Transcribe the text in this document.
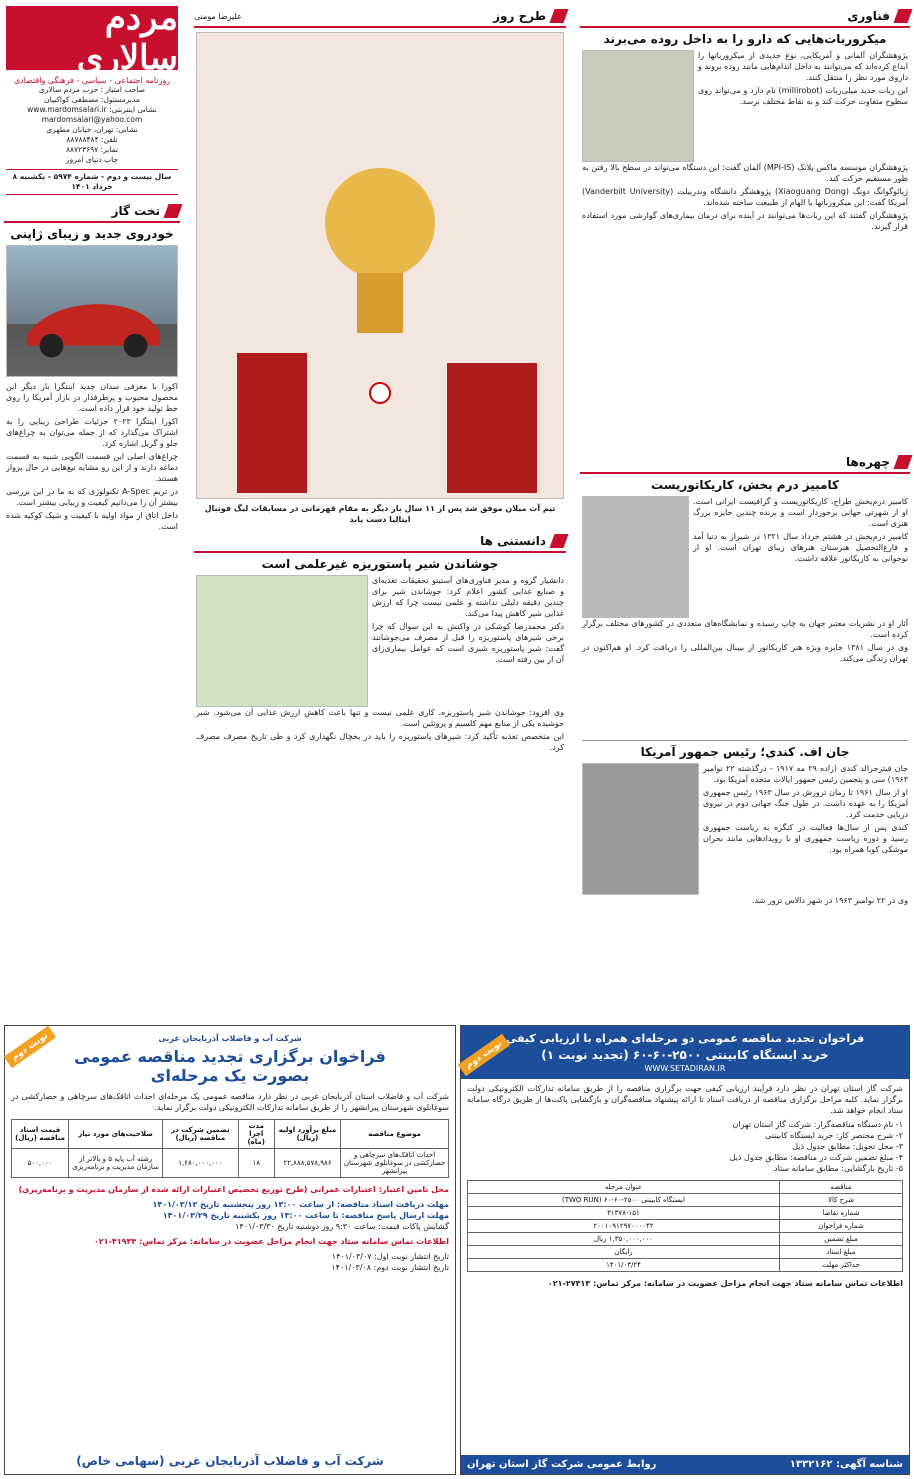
فناوری
میکروربات‌هایی که دارو را به داخل روده می‌برند

پژوهشگران آلمانی و آمریکایی، نوع جدیدی از میکرورباتها را ابداع کرده‌اند که می‌توانند به داخل اندام‌هایی مانند روده بروند و داروی مورد نظر را منتقل کنند.

این ربات جدید میلی‌ربات (millirobot) نام دارد و می‌تواند روی سطوح متفاوت حرکت کند و به نقاط مختلف برسد.

پژوهشگران موسسه ماکس پلانک (MPI-IS) آلمان گفت: این دستگاه می‌تواند در سطح بالا رفتن به طور مستقیم حرکت کند.

ژیائوگوانگ دونگ (Xiaoguang Dong) پژوهشگر دانشگاه وندربیلت (Vanderbilt University) آمریکا گفت: این میکرورباتها با الهام از طبیعت ساخته شده‌اند.

پژوهشگران گفتند که این ربات‌ها می‌توانند در آینده برای درمان بیماری‌های گوارشی مورد استفاده قرار گیرند.

چهره‌ها
کامبیز درم بخش، کاریکاتوریست

کامبیز درم‌بخش طراح، کاریکاتوریست و گرافیست ایرانی است. او از شهرتی جهانی برخوردار است و برنده چندین جایزه بزرگ هنری است.

کامبیز درم‌بخش در هشتم خرداد سال ۱۳۲۱ در شیراز به دنیا آمد و فارغ‌التحصیل هنرستان هنرهای زیبای تهران است. او از نوجوانی به کاریکاتور علاقه داشت.

آثار او در نشریات معتبر جهان به چاپ رسیده و نمایشگاه‌های متعددی در کشورهای مختلف برگزار کرده است.

وی در سال ۱۳۸۱ جایزه ویژه هنر کاریکاتور از بیینال بین‌المللی را دریافت کرد. او هم‌اکنون در تهران زندگی می‌کند.

جان اف. کندی؛ رئیس جمهور آمریکا

جان فیتزجرالد کندی (زاده ۲۹ مه ۱۹۱۷ - درگذشته ۲۲ نوامبر ۱۹۶۳) سی و پنجمین رئیس جمهور ایالات متحده آمریکا بود.

او از سال ۱۹۶۱ تا زمان ترورش در سال ۱۹۶۳ رئیس جمهوری آمریکا را به عهده داشت. در طول جنگ جهانی دوم در نیروی دریایی خدمت کرد.

کندی پس از سال‌ها فعالیت در کنگره به ریاست جمهوری رسید و دوره ریاست جمهوری او با رویدادهایی مانند بحران موشکی کوبا همراه بود.

وی در ۲۲ نوامبر ۱۹۶۳ در شهر دالاس ترور شد.

طرح روز
علیرضا مومنی
تیم آث میلان موفق شد پس از ۱۱ سال بار دیگر به مقام قهرمانی در مسابقات لیگ فوتبال ایتالیا دست یابد
دانستنی ها
جوشاندن شیر پاستوریزه غیرعلمی است

دانشیار گروه و مدیر فناوری‌های آستیتو تحقیقات تغذیه‌ای و صنایع غذایی کشور اعلام کرد: جوشاندن شیر برای چندین دقیقه دلیلی نداشته و علمی نیست چرا که ارزش غذایی شیر کاهش پیدا می‌کند.

دکتر محمدرضا کوشکی در واکنش به این سوال که چرا برخی شیرهای پاستوریزه را قبل از مصرف می‌جوشانند گفت: شیر پاستوریزه شیری است که عوامل بیماری‌زای آن از بین رفته است.

وی افزود: جوشاندن شیر پاستوریزه، کاری علمی نیست و تنها باعث کاهش ارزش غذایی آن می‌شود. شیر جوشیده یکی از منابع مهم کلسیم و پروتئین است.

این متخصص تغذیه تأکید کرد: شیرهای پاستوریزه را باید در یخچال نگهداری کرد و طی تاریخ مصرف مصرف کرد.

مردم سالاری
روزنامه اجتماعی - سیاسی - فرهنگی واقتصادی
صاحب امتیاز : حزب مردم سالاری
مدیرمسئول: مصطفی کواکبیان
نشانی اینترنتی: www.mardomsalari.ir
mardomsalari@yahoo.com
نشانی: تهران، خیابان مطهری
تلفن: ۸۸۷۸۸۴۸۴
نمابر: ۸۸۷۲۳۶۹۷
چاپ دنیای امروز
سال بیست و دوم - شماره ۵۹۷۴ - یکشنبه ۸ خرداد ۱۴۰۱
تخت گاز
خودروی جدید و زیبای ژاپنی

اکورا با معرفی سدان جدید اینتگرا بار دیگر این محصول محبوب و پرطرفدار در بازار آمریکا را روی خط تولید خود قرار داده است.

اکورا اینتگرا ۲۰۲۳ جزئیات طراحی زیبایی را به اشتراک می‌گذارد که از جمله می‌توان به چراغ‌های جلو و گریل اشاره کرد.

چراغ‌های اصلی این قسمت الگویی شبیه به قسمت دماغه دارند و از این رو مشابه تیغ‌هایی در حال پرواز هستند.

در تریم A-Spec تکنولوژی که به ما در این بررسی بیشتر آن را می‌دانیم کیفیت و زیبایی بیشتر است.

داخل اتاق از مواد اولیه با کیفیت و شیک کوکیه شده است.

فراخوان تجدید مناقصه عمومی دو مرحله‌ای همراه با ارزیابی کیفی
خرید ایستگاه کابینتی ۲۵۰۰-۶۰-۶۰ (تجدید نوبت ۱)
WWW.SETADIRAN.IR
شرکت گاز استان تهران در نظر دارد فرآیند ارزیابی کیفی جهت برگزاری مناقصه را از طریق سامانه تدارکات الکترونیکی دولت برگزار نماید. کلیه مراحل برگزاری مناقصه از دریافت اسناد تا ارائه پیشنهاد مناقصه‌گران و بازگشایی پاکت‌ها از طریق درگاه سامانه ستاد انجام خواهد شد.
۱- نام دستگاه مناقصه‌گزار: شرکت گاز استان تهران
۲- شرح مختصر کار: خرید ایستگاه کابینتی
۳- محل تحویل: مطابق جدول ذیل
۴- مبلغ تضمین شرکت در مناقصه: مطابق جدول ذیل
۵- تاریخ بازگشایی: مطابق سامانه ستاد
مناقصه	عنوان مرحله
شرح کالا	ایستگاه کابینتی ۲۵۰۰-۶۰-۶۰ (TWO RUN)
شماره تقاضا	۳۱۳۷۸-۱۵۱
شماره فراخوان	۲۰۰۱۰۹۱۲۹۷۰۰۰۰۴۲
مبلغ تضمین	۱,۳۵۰,۰۰۰,۰۰۰ ریال
مبلغ اسناد	رایگان
حداکثر مهلت	۱۴۰۱/۰۳/۲۴
اطلاعات تماس سامانه ستاد جهت انجام مراحل عضویت در سامانه: مرکز تماس: ۲۷۳۱۳-۰۲۱
شناسه آگهی: ۱۳۳۲۱۶۲
روابط عمومی شرکت گاز استان تهران
نوبت دوم
شرکت آب و فاضلاب آذربایجان غربی
فراخوان برگزاری تجدید مناقصه عمومی
بصورت یک مرحله‌ای
شرکت آب و فاضلاب استان آذربایجان غربی در نظر دارد مناقصه عمومی یک مرحله‌ای احداث اتاقک‌های سرچاهی و حصارکشی در سوغانلوی شهرستان پیرانشهر را از طریق سامانه تدارکات الکترونیکی دولت برگزار نماید.
موضوع مناقصه	مبلغ برآورد اولیه (ریال)	مدت اجرا (ماه)	تضمین شرکت در مناقصه (ریال)	صلاحیت‌های مورد نیاز	قیمت اسناد مناقصه (ریال)
احداث اتاقک‌های سرچاهی و حصارکشی در سوغانلوی شهرستان پیرانشهر	۲۲,۸۸۸,۵۷۸,۹۸۶	۱۸	۱,۶۸۰,۰۰۰,۰۰۰	رشته آب پایه ۵ و بالاتر از سازمان مدیریت و برنامه‌ریزی	۵۰۰,۰۰۰
محل تامین اعتبار: اعتبارات عمرانی (طرح توزیع تخصیص اعتبارات ارائه شده از سازمان مدیریت و برنامه‌ریزی)
مهلت دریافت اسناد مناقصه: از ساعت ۱۳:۰۰ روز پنجشنبه تاریخ ۱۴۰۱/۰۳/۱۲
مهلت ارسال پاسخ مناقصه: تا ساعت ۱۳:۰۰ روز یکشنبه تاریخ ۱۴۰۱/۰۳/۲۹
گشایش پاکات قیمت: ساعت ۹:۳۰ روز دوشنبه تاریخ ۱۴۰۱/۰۳/۳۰
اطلاعات تماس سامانه ستاد جهت انجام مراحل عضویت در سامانه: مرکز تماس: ۴۱۹۳۴-۰۲۱
تاریخ انتشار نوبت اول: ۱۴۰۱/۰۳/۰۷
تاریخ انتشار نوبت دوم: ۱۴۰۱/۰۳/۰۸
شرکت آب و فاضلاب آذربایجان غربی (سهامی خاص)
نوبت دوم
